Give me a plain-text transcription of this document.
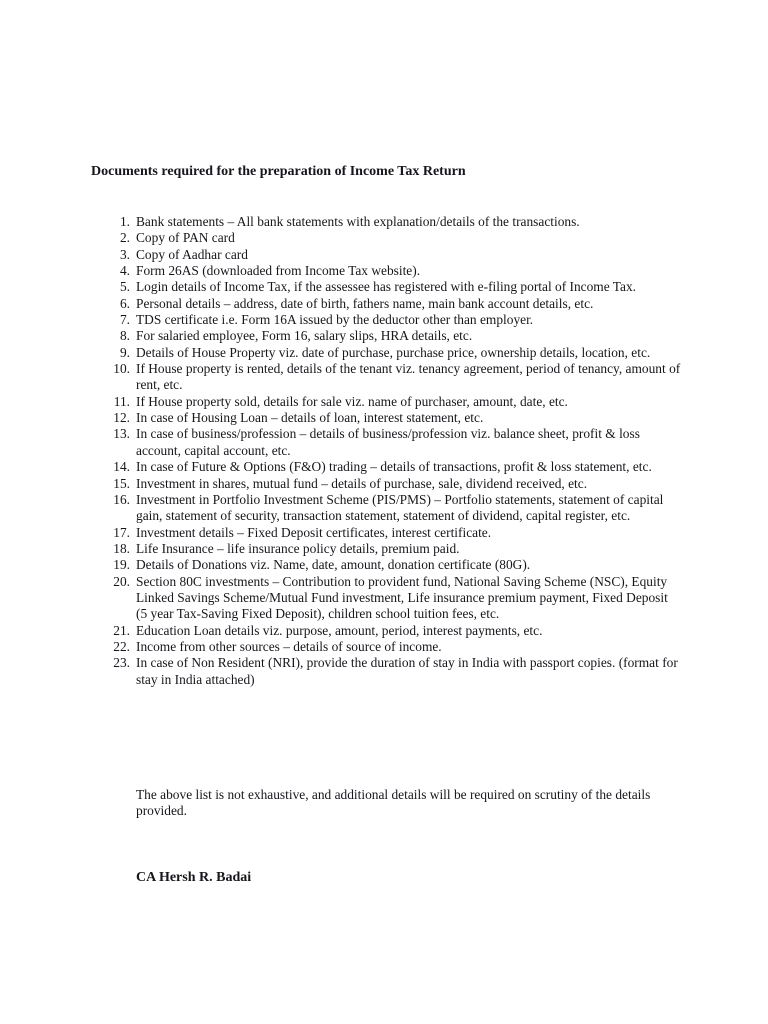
Documents required for the preparation of Income Tax Return
1. Bank statements – All bank statements with explanation/details of the transactions.
2. Copy of PAN card
3. Copy of Aadhar card
4. Form 26AS (downloaded from Income Tax website).
5. Login details of Income Tax, if the assessee has registered with e-filing portal of Income Tax.
6. Personal details – address, date of birth, fathers name, main bank account details, etc.
7. TDS certificate i.e. Form 16A issued by the deductor other than employer.
8. For salaried employee, Form 16, salary slips, HRA details, etc.
9. Details of House Property viz. date of purchase, purchase price, ownership details, location, etc.
10. If House property is rented, details of the tenant viz. tenancy agreement, period of tenancy, amount of rent, etc.
11. If House property sold, details for sale viz. name of purchaser, amount, date, etc.
12. In case of Housing Loan – details of loan, interest statement, etc.
13. In case of business/profession – details of business/profession viz. balance sheet, profit & loss account, capital account, etc.
14. In case of Future & Options (F&O) trading – details of transactions, profit & loss statement, etc.
15. Investment in shares, mutual fund – details of purchase, sale, dividend received, etc.
16. Investment in Portfolio Investment Scheme (PIS/PMS) – Portfolio statements, statement of capital gain, statement of security, transaction statement, statement of dividend, capital register, etc.
17. Investment details – Fixed Deposit certificates, interest certificate.
18. Life Insurance – life insurance policy details, premium paid.
19. Details of Donations viz. Name, date, amount, donation certificate (80G).
20. Section 80C investments – Contribution to provident fund, National Saving Scheme (NSC), Equity Linked Savings Scheme/Mutual Fund investment, Life insurance premium payment, Fixed Deposit (5 year Tax-Saving Fixed Deposit), children school tuition fees, etc.
21. Education Loan details viz. purpose, amount, period, interest payments, etc.
22. Income from other sources – details of source of income.
23. In case of Non Resident (NRI), provide the duration of stay in India with passport copies. (format for stay in India attached)

The above list is not exhaustive, and additional details will be required on scrutiny of the details provided.

CA Hersh R. Badai
